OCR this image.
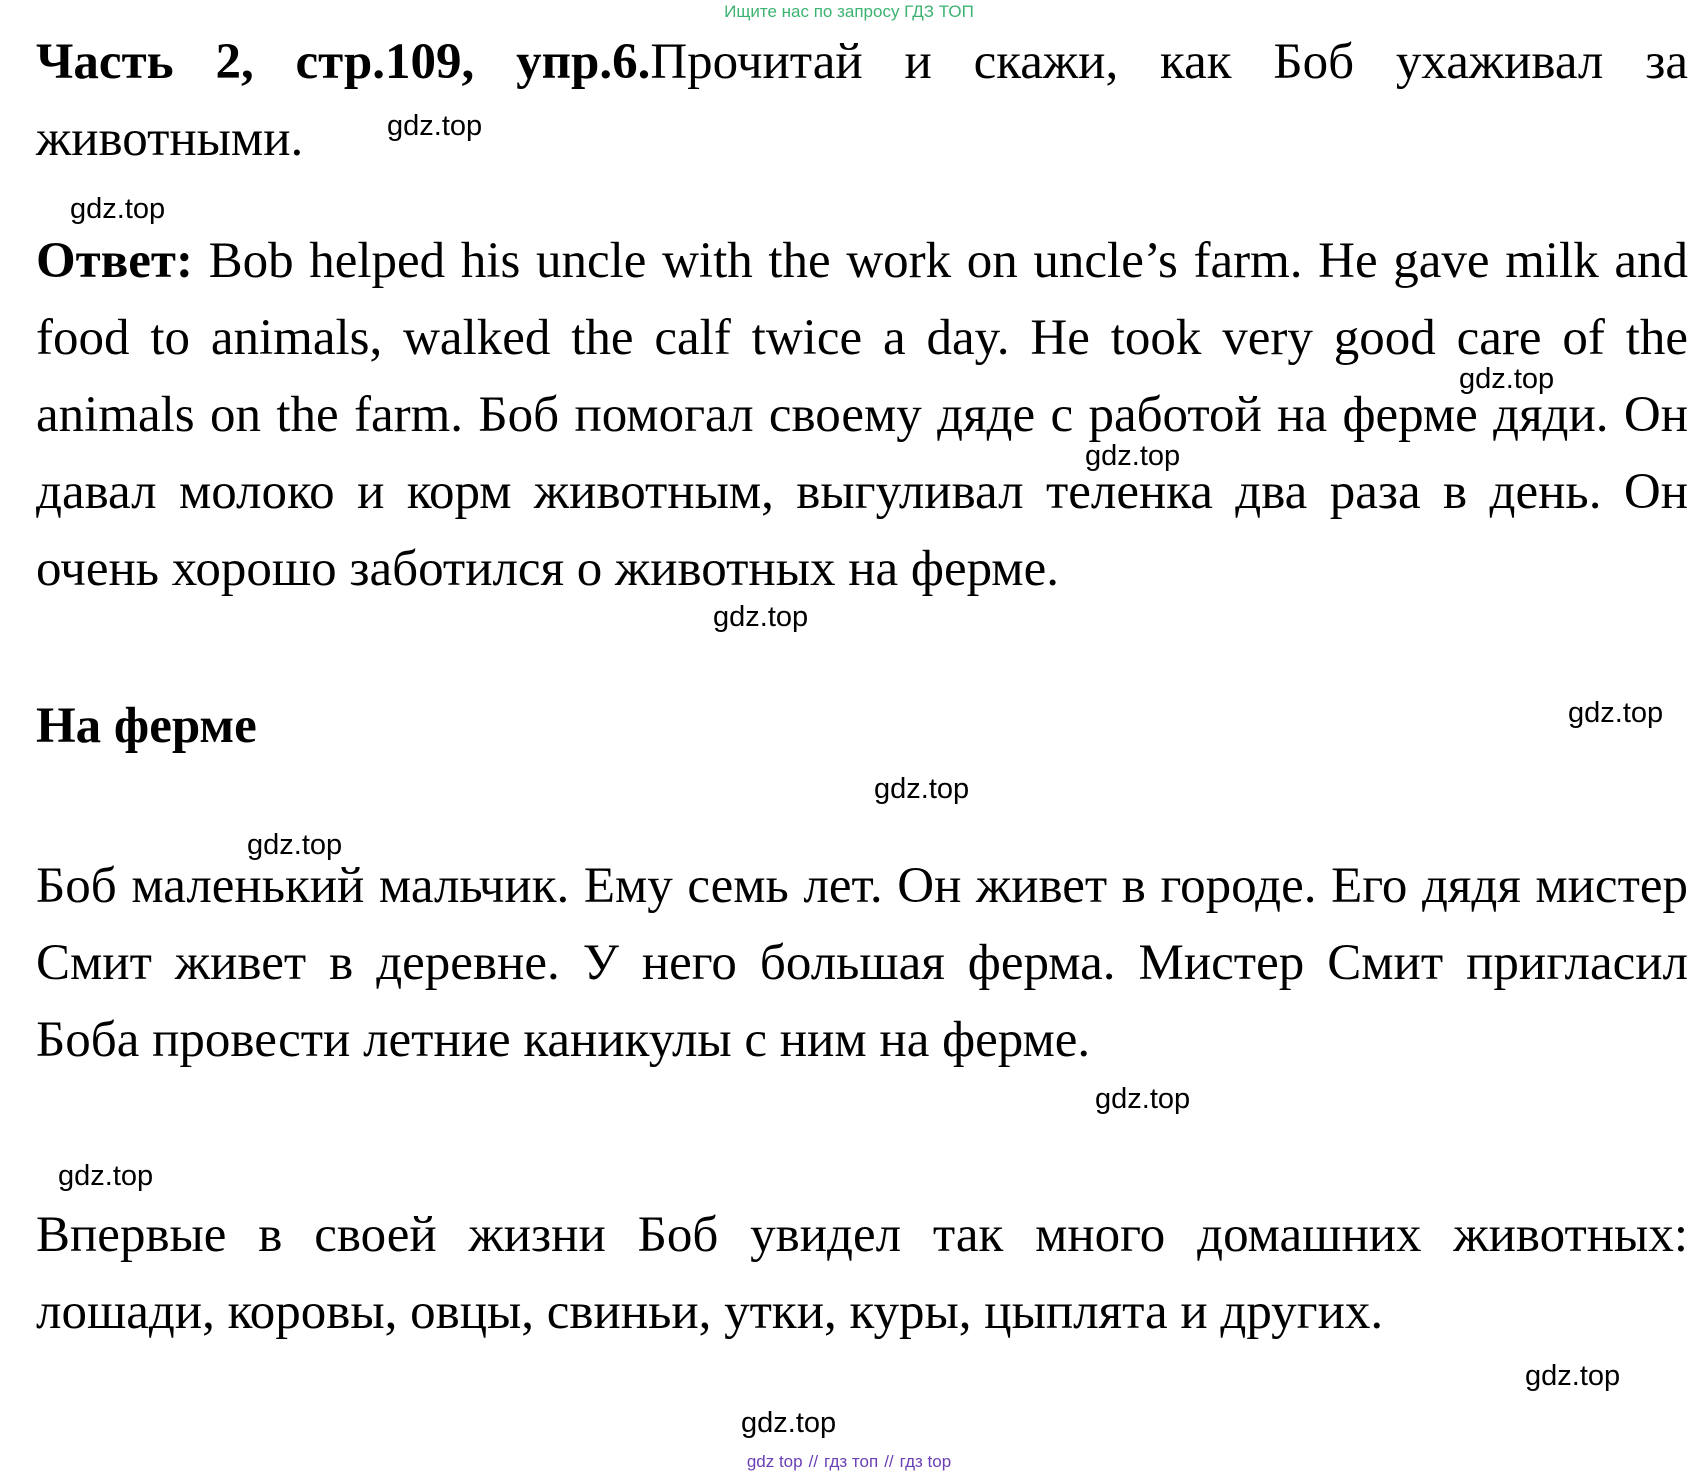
Ищите нас по запросу ГДЗ ТОП

Часть 2, стр.109, упр.6.Прочитай и скажи, как Боб ухаживал за животными.

Ответ: Bob helped his uncle with the work on uncle’s farm. He gave milk and food to animals, walked the calf twice a day. He took very good care of the animals on the farm. Боб помогал своему дяде с работой на ферме дяди. Он давал молоко и корм животным, выгуливал теленка два раза в день. Он очень хорошо заботился о животных на ферме.

На ферме

Боб маленький мальчик. Ему семь лет. Он живет в городе. Его дядя мистер Смит живет в деревне. У него большая ферма. Мистер Смит пригласил Боба провести летние каникулы с ним на ферме.

Впервые в своей жизни Боб увидел так много домашних животных: лошади, коровы, овцы, свиньи, утки, куры, цыплята и других.

gdz.top
gdz.top
gdz.top
gdz.top
gdz.top
gdz.top
gdz.top
gdz.top
gdz.top
gdz.top
gdz.top
gdz.top
gdz top // гдз топ // гдз top
